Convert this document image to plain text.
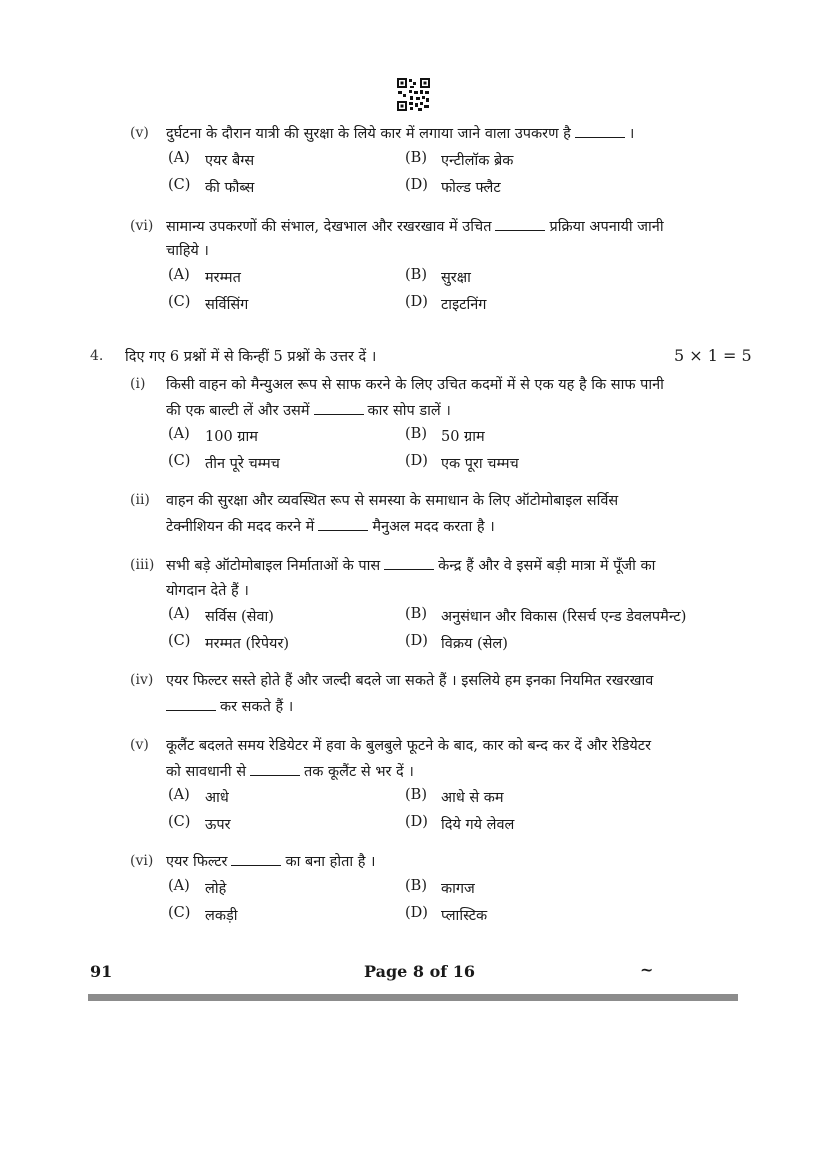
(v) दुर्घटना के दौरान यात्री की सुरक्षा के लिये कार में लगाया जाने वाला उपकरण है	।
(A) एयर बैग्स	(B) एन्टीलॉक ब्रेक
(C) की फौब्स	(D) फोल्ड फ्लैट
(vi) सामान्य उपकरणों की संभाल, देखभाल और रखरखाव में उचित	प्रक्रिया अपनायी जानी
चाहिये ।
(A) मरम्मत	(B) सुरक्षा
(C) सर्विसिंग	(D) टाइटनिंग
4. दिए गए 6 प्रश्नों में से किन्हीं 5 प्रश्नों के उत्तर दें ।	5 × 1 = 5
(i) किसी वाहन को मैन्युअल रूप से साफ करने के लिए उचित कदमों में से एक यह है कि साफ पानी
की एक बाल्टी लें और उसमें	कार सोप डालें ।
(A) 100 ग्राम	(B) 50 ग्राम
(C) तीन पूरे चम्मच	(D) एक पूरा चम्मच
(ii) वाहन की सुरक्षा और व्यवस्थित रूप से समस्या के समाधान के लिए ऑटोमोबाइल सर्विस
टेक्नीशियन की मदद करने में	मैनुअल मदद करता है ।
(iii) सभी बड़े ऑटोमोबाइल निर्माताओं के पास	केन्द्र हैं और वे इसमें बड़ी मात्रा में पूँजी का
योगदान देते हैं ।
(A) सर्विस (सेवा)	(B) अनुसंधान और विकास (रिसर्च एन्ड डेवलपमैन्ट)
(C) मरम्मत (रिपेयर)	(D) विक्रय (सेल)
(iv) एयर फिल्टर सस्ते होते हैं और जल्दी बदले जा सकते हैं । इसलिये हम इनका नियमित रखरखाव
कर सकते हैं ।
(v) कूलैंट बदलते समय रेडियेटर में हवा के बुलबुले फूटने के बाद, कार को बन्द कर दें और रेडियेटर
को सावधानी से	तक कूलैंट से भर दें ।
(A) आधे	(B) आधे से कम
(C) ऊपर	(D) दिये गये लेवल
(vi) एयर फिल्टर	का बना होता है ।
(A) लोहे	(B) कागज
(C) लकड़ी	(D) प्लास्टिक
91	Page 8 of 16	~
